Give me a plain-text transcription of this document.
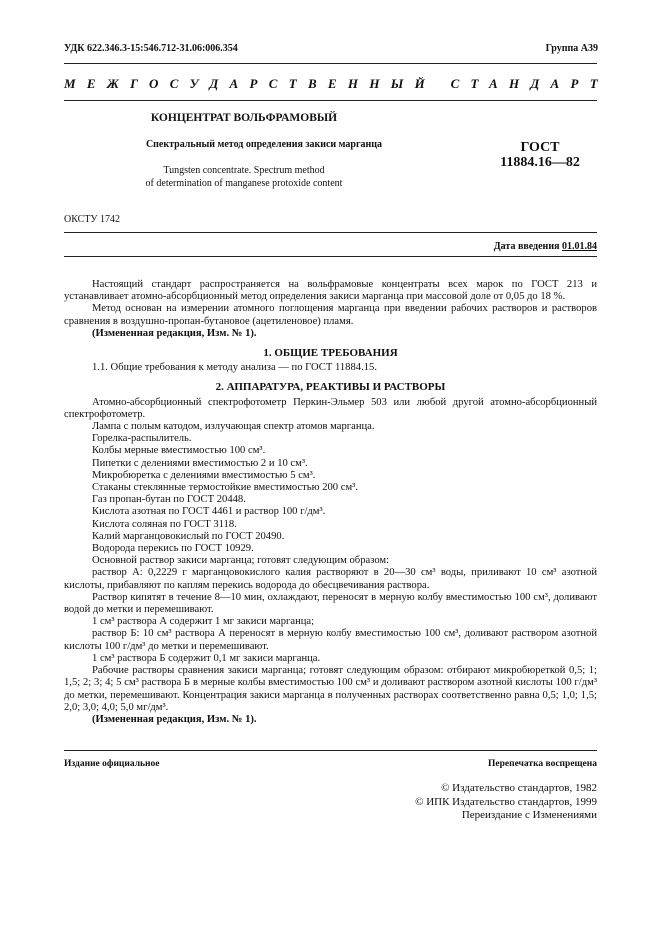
УДК 622.346.3-15:546.712-31.06:006.354	Группа А39
МЕЖГОСУДАРСТВЕННЫЙ СТАНДАРТ
КОНЦЕНТРАТ ВОЛЬФРАМОВЫЙ
Спектральный метод определения закиси марганца
Tungsten concentrate. Spectrum method
of determination of manganese protoxide content
ГОСТ
11884.16—82
ОКСТУ 1742
Дата введения 01.01.84

Настоящий стандарт распространяется на вольфрамовые концентраты всех марок по ГОСТ 213 и устанавливает атомно-абсорбционный метод определения закиси марганца при массовой доле от 0,05 до 18 %.

Метод основан на измерении атомного поглощения марганца при введении рабочих растворов и растворов сравнения в воздушно-пропан-бутановое (ацетиленовое) пламя.

(Измененная редакция, Изм. № 1).

1. ОБЩИЕ ТРЕБОВАНИЯ

1.1. Общие требования к методу анализа — по ГОСТ 11884.15.

2. АППАРАТУРА, РЕАКТИВЫ И РАСТВОРЫ

Атомно-абсорбционный спектрофотометр Перкин-Эльмер 503 или любой другой атомно-абсорбционный спектрофотометр.

Лампа с полым катодом, излучающая спектр атомов марганца.

Горелка-распылитель.

Колбы мерные вместимостью 100 см³.

Пипетки с делениями вместимостью 2 и 10 см³.

Микробюретка с делениями вместимостью 5 см³.

Стаканы стеклянные термостойкие вместимостью 200 см³.

Газ пропан-бутан по ГОСТ 20448.

Кислота азотная по ГОСТ 4461 и раствор 100 г/дм³.

Кислота соляная по ГОСТ 3118.

Калий марганцовокислый по ГОСТ 20490.

Водорода перекись по ГОСТ 10929.

Основной раствор закиси марганца; готовят следующим образом:

раствор А: 0,2229 г марганцовокислого калия растворяют в 20—30 см³ воды, приливают 10 см³ азотной кислоты, прибавляют по каплям перекись водорода до обесцвечивания раствора.

Раствор кипятят в течение 8—10 мин, охлаждают, переносят в мерную колбу вместимостью 100 см³, доливают водой до метки и перемешивают.

1 см³ раствора А содержит 1 мг закиси марганца;

раствор Б: 10 см³ раствора А переносят в мерную колбу вместимостью 100 см³, доливают раствором азотной кислоты 100 г/дм³ до метки и перемешивают.

1 см³ раствора Б содержит 0,1 мг закиси марганца.

Рабочие растворы сравнения закиси марганца; готовят следующим образом: отбирают микробюреткой 0,5; 1; 1,5; 2; 3; 4; 5 см³ раствора Б в мерные колбы вместимостью 100 см³ и доливают раствором азотной кислоты 100 г/дм³ до метки, перемешивают. Концентрация закиси марганца в полученных растворах соответственно равна 0,5; 1,0; 1,5; 2,0; 3,0; 4,0; 5,0 мг/дм³.

(Измененная редакция, Изм. № 1).

Издание официальное	Перепечатка воспрещена
© Издательство стандартов, 1982
© ИПК Издательство стандартов, 1999
Переиздание с Изменениями
